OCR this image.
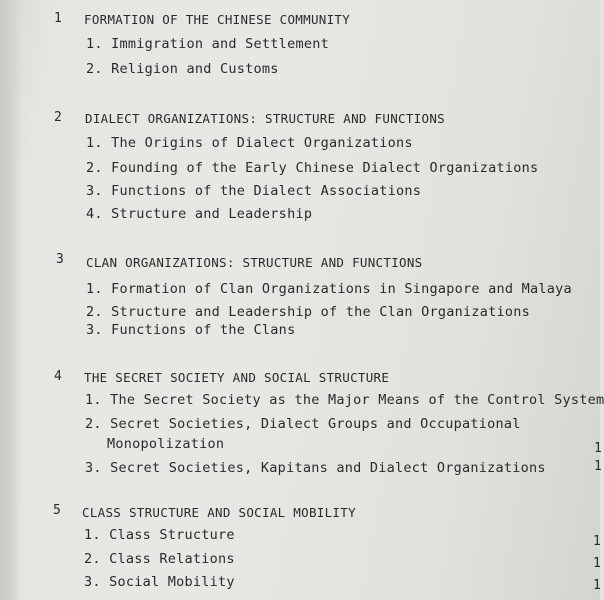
1 FORMATION OF THE CHINESE COMMUNITY
1. Immigration and Settlement
2. Religion and Customs
2 DIALECT ORGANIZATIONS: STRUCTURE AND FUNCTIONS
1. The Origins of Dialect Organizations
2. Founding of the Early Chinese Dialect Organizations
3. Functions of the Dialect Associations
4. Structure and Leadership
3 CLAN ORGANIZATIONS: STRUCTURE AND FUNCTIONS
1. Formation of Clan Organizations in Singapore and Malaya
2. Structure and Leadership of the Clan Organizations
3. Functions of the Clans
4 THE SECRET SOCIETY AND SOCIAL STRUCTURE
1. The Secret Society as the Major Means of the Control System
2. Secret Societies, Dialect Groups and Occupational
Monopolization
3. Secret Societies, Kapitans and Dialect Organizations
5 CLASS STRUCTURE AND SOCIAL MOBILITY
1. Class Structure
2. Class Relations
3. Social Mobility
1
1
1
1
1
